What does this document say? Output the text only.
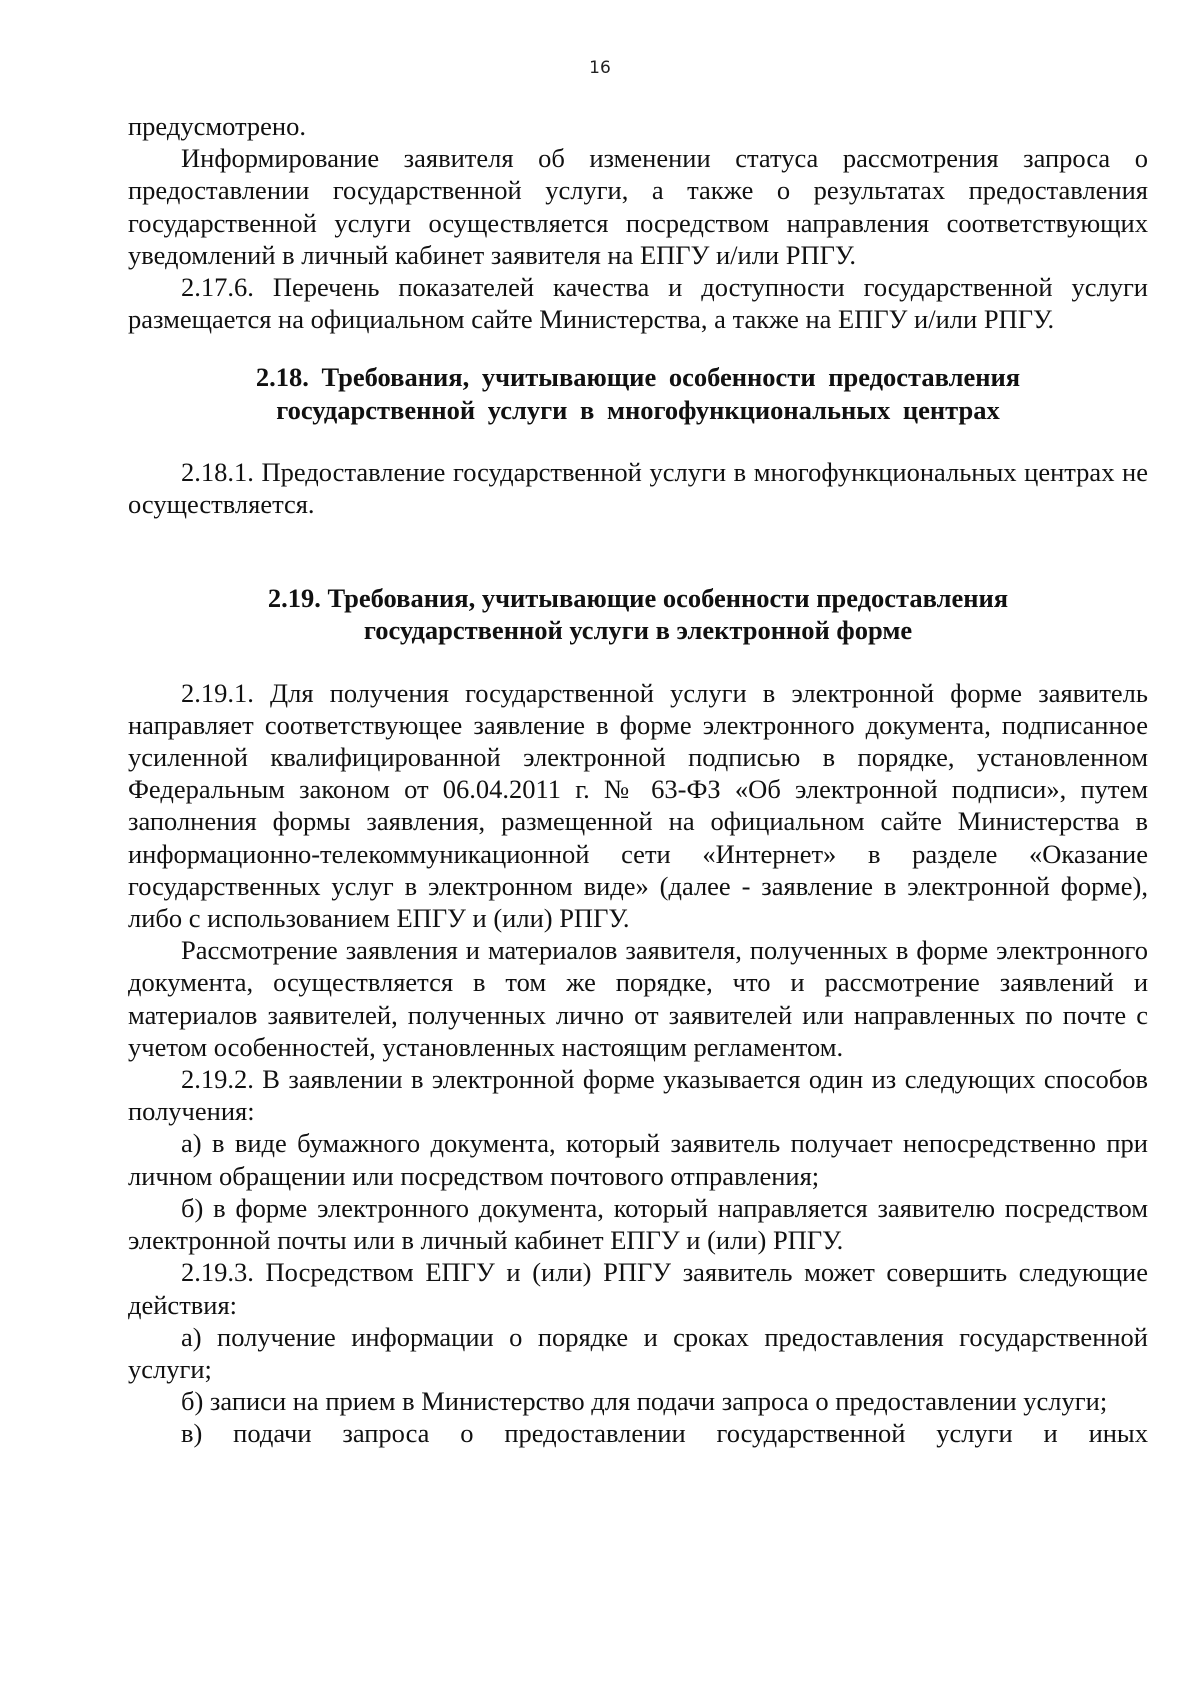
16

предусмотрено.

Информирование заявителя об изменении статуса рассмотрения запроса о предоставлении государственной услуги, а также о результатах предоставления государственной услуги осуществляется посредством направления соответствующих уведомлений в личный кабинет заявителя на ЕПГУ и/или РПГУ.

2.17.6. Перечень показателей качества и доступности государственной услуги размещается на официальном сайте Министерства, а также на ЕПГУ и/или РПГУ.

2.18. Требования, учитывающие особенности предоставления
государственной услуги в многофункциональных центрах

2.18.1. Предоставление государственной услуги в многофункциональных центрах не осуществляется.

2.19. Требования, учитывающие особенности предоставления
государственной услуги в электронной форме

2.19.1. Для получения государственной услуги в электронной форме заявитель направляет соответствующее заявление в форме электронного документа, подписанное усиленной квалифицированной электронной подписью в порядке, установленном Федеральным законом от 06.04.2011 г. № 63-ФЗ «Об электронной подписи», путем заполнения формы заявления, размещенной на официальном сайте Министерства в информационно-телекоммуникационной сети «Интернет» в разделе «Оказание государственных услуг в электронном виде» (далее - заявление в электронной форме), либо с использованием ЕПГУ и (или) РПГУ.

Рассмотрение заявления и материалов заявителя, полученных в форме электронного документа, осуществляется в том же порядке, что и рассмотрение заявлений и материалов заявителей, полученных лично от заявителей или направленных по почте с учетом особенностей, установленных настоящим регламентом.

2.19.2. В заявлении в электронной форме указывается один из следующих способов получения:

а) в виде бумажного документа, который заявитель получает непосредственно при личном обращении или посредством почтового отправления;

б) в форме электронного документа, который направляется заявителю посредством электронной почты или в личный кабинет ЕПГУ и (или) РПГУ.

2.19.3. Посредством ЕПГУ и (или) РПГУ заявитель может совершить следующие действия:

а) получение информации о порядке и сроках предоставления государственной услуги;

б) записи на прием в Министерство для подачи запроса о предоставлении услуги;

в) подачи запроса о предоставлении государственной услуги и иных
